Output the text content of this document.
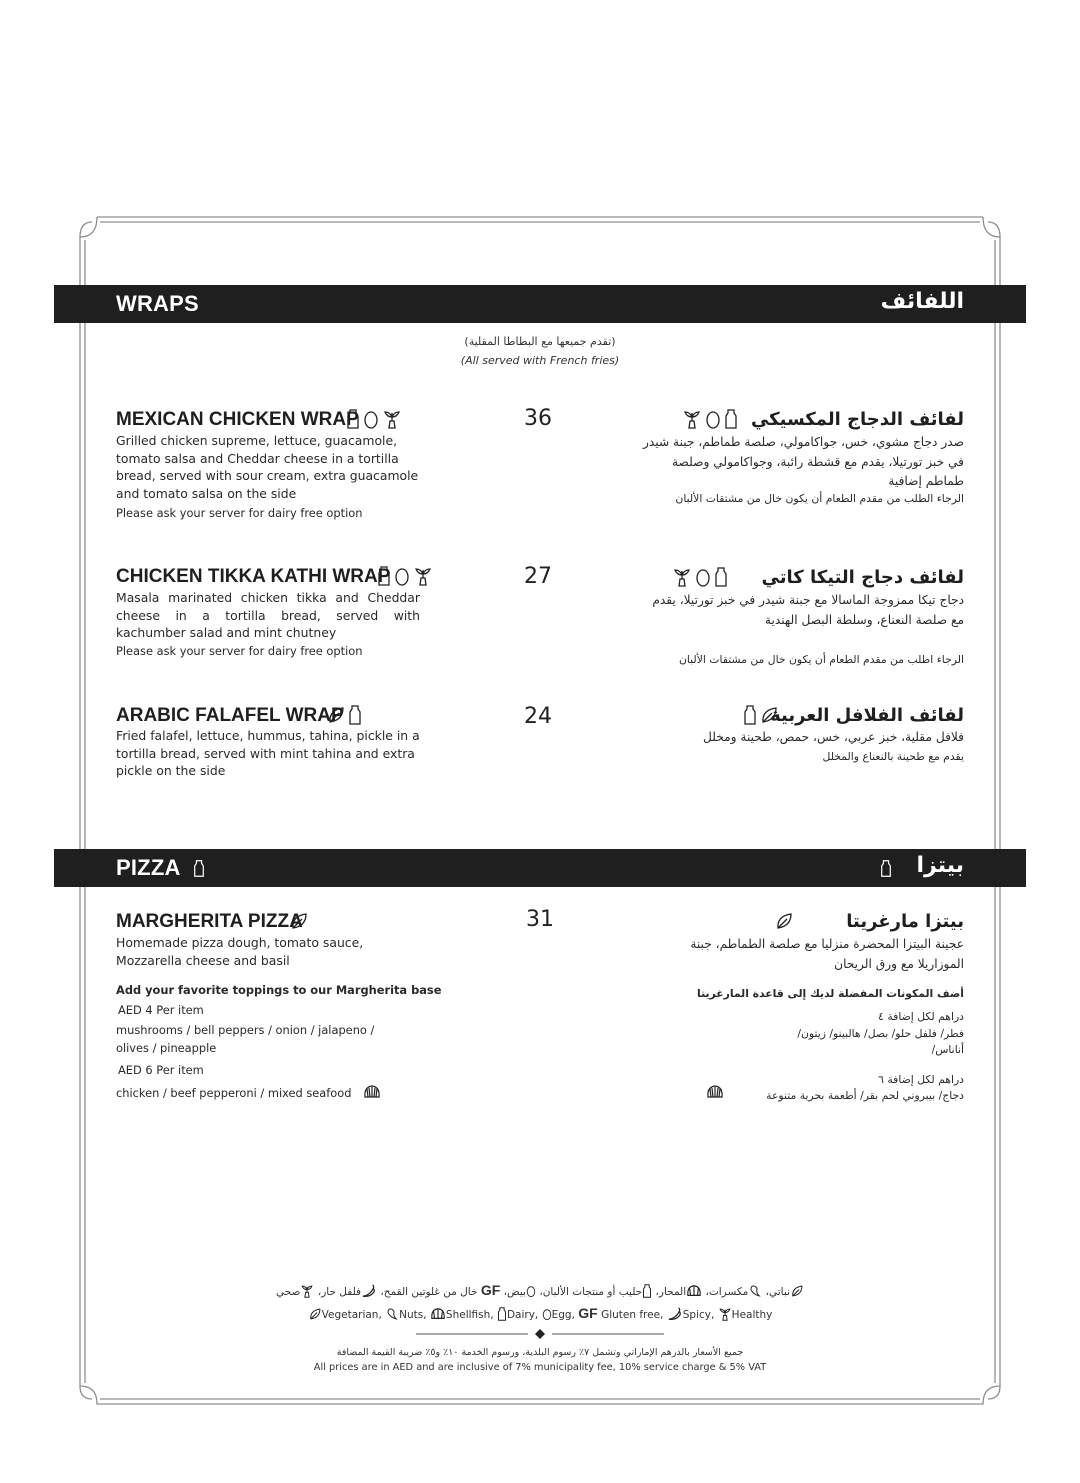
WRAPS	اللفائف
(تقدم جميعها مع البطاطا المقلية)
(All served with French fries)
MEXICAN CHICKEN WRAP
Grilled chicken supreme, lettuce, guacamole, tomato salsa and Cheddar cheese in a tortilla bread, served with sour cream, extra guacamole and tomato salsa on the side
Please ask your server for dairy free option
36	لفائف الدجاج المكسيكي
صدر دجاج مشوي، خس، جواكامولي، صلصة طماطم، جبنة شيدر في خبز تورتيلا، يقدم مع قشطة رائبة، وجواكامولي وصلصة طماطم إضافية
الرجاء الطلب من مقدم الطعام أن يكون خال من مشتقات الألبان
CHICKEN TIKKA KATHI WRAP
Masala marinated chicken tikka and Cheddar cheese in a tortilla bread, served with kachumber salad and mint chutney
Please ask your server for dairy free option
27	لفائف دجاج التيكا كاتي
دجاج تيكا ممزوجة الماسالا مع جبنة شيدر في خبز تورتيلا، يقدم مع صلصة النعناع، وسلطة البصل الهندية
الرجاء اطلب من مقدم الطعام أن يكون خال من مشتقات الألبان
ARABIC FALAFEL WRAP
Fried falafel, lettuce, hummus, tahina, pickle in a tortilla bread, served with mint tahina and extra pickle on the side
24	لفائف الفلافل العربية
فلافل مقلية، خبز عربي، خس، حمص، طحينة ومخلل
يقدم مع طحينة بالنعناع والمخلل
PIZZA	بيتزا
MARGHERITA PIZZA
Homemade pizza dough, tomato sauce, Mozzarella cheese and basil
31	بيتزا مارغريتا
عجينة البيتزا المحضرة منزليا مع صلصة الطماطم، جبنة الموزاريلا مع ورق الريحان
Add your favorite toppings to our Margherita base	أضف المكونات المفضلة لديك إلى قاعدة المارغريتا
AED 4 Per item
mushrooms / bell peppers / onion / jalapeno / olives / pineapple
دراهم لكل إضافة ٤
فطر/ فلفل حلو/ بصل/ هالبينو/ زيتون/ أناناس/
AED 6 Per item
chicken / beef pepperoni / mixed seafood
دراهم لكل إضافة ٦
دجاج/ بيبروني لحم بقر/ أطعمة بحرية متنوعة
نباتي، مكسرات، المحار، حليب أو منتجات الألبان، بيض، GF خال من غلوتين القمح، فلفل حار، صحي
Vegetarian, Nuts, Shellfish, Dairy, Egg, GF Gluten free, Spicy, Healthy
جميع الأسعار بالدرهم الإماراتي وتشمل ٧٪ رسوم البلدية، ورسوم الخدمة ١٠٪ و٥٪ ضريبة القيمة المضافة
All prices are in AED and are inclusive of 7% municipality fee, 10% service charge & 5% VAT
